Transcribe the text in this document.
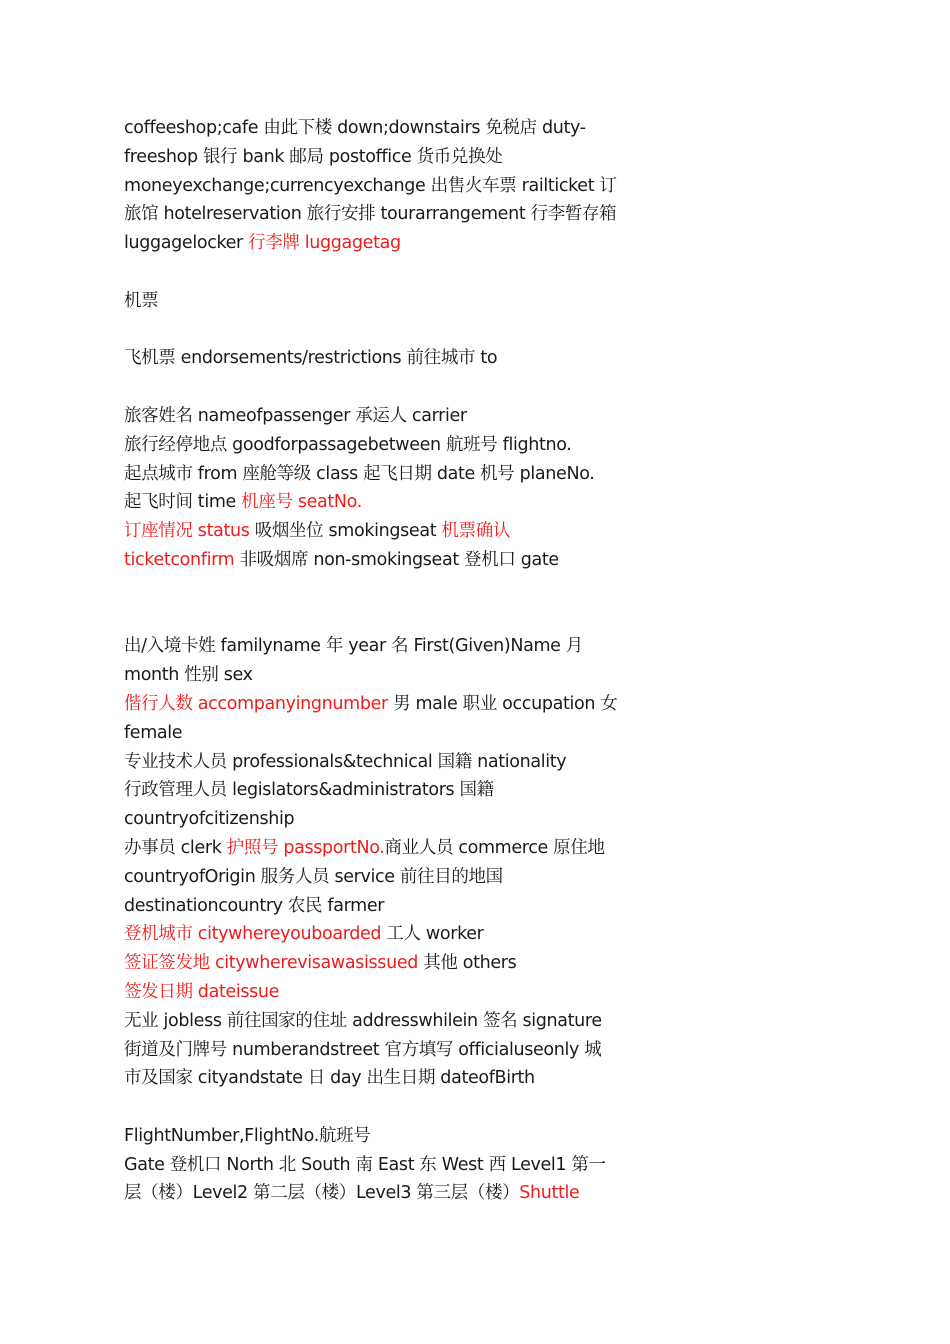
coffeeshop;cafe 由此下楼 down;downstairs 免税店 duty-
freeshop 银行 bank 邮局 postoffice 货币兑换处
moneyexchange;currencyexchange 出售火车票 railticket 订
旅馆 hotelreservation 旅行安排 tourarrangement 行李暂存箱
luggagelocker 行李牌 luggagetag
机票
飞机票 endorsements/restrictions 前往城市 to
旅客姓名 nameofpassenger 承运人 carrier
旅行经停地点 goodforpassagebetween 航班号 flightno.
起点城市 from 座舱等级 class 起飞日期 date 机号 planeNo.
起飞时间 time 机座号 seatNo.
订座情况 status 吸烟坐位 smokingseat 机票确认
ticketconfirm 非吸烟席 non-smokingseat 登机口 gate
出/入境卡姓 familyname 年 year 名 First(Given)Name 月
month 性别 sex
偕行人数 accompanyingnumber 男 male 职业 occupation 女
female
专业技术人员 professionals&technical 国籍 nationality
行政管理人员 legislators&administrators 国籍
countryofcitizenship
办事员 clerk 护照号 passportNo.商业人员 commerce 原住地
countryofOrigin 服务人员 service 前往目的地国
destinationcountry 农民 farmer
登机城市 citywhereyouboarded 工人 worker
签证签发地 citywherevisawasissued 其他 others
签发日期 dateissue
无业 jobless 前往国家的住址 addresswhilein 签名 signature
街道及门牌号 numberandstreet 官方填写 officialuseonly 城
市及国家 cityandstate 日 day 出生日期 dateofBirth
FlightNumber,FlightNo.航班号
Gate 登机口 North 北 South 南 East 东 West 西 Level1 第一
层（楼）Level2 第二层（楼）Level3 第三层（楼）Shuttle
